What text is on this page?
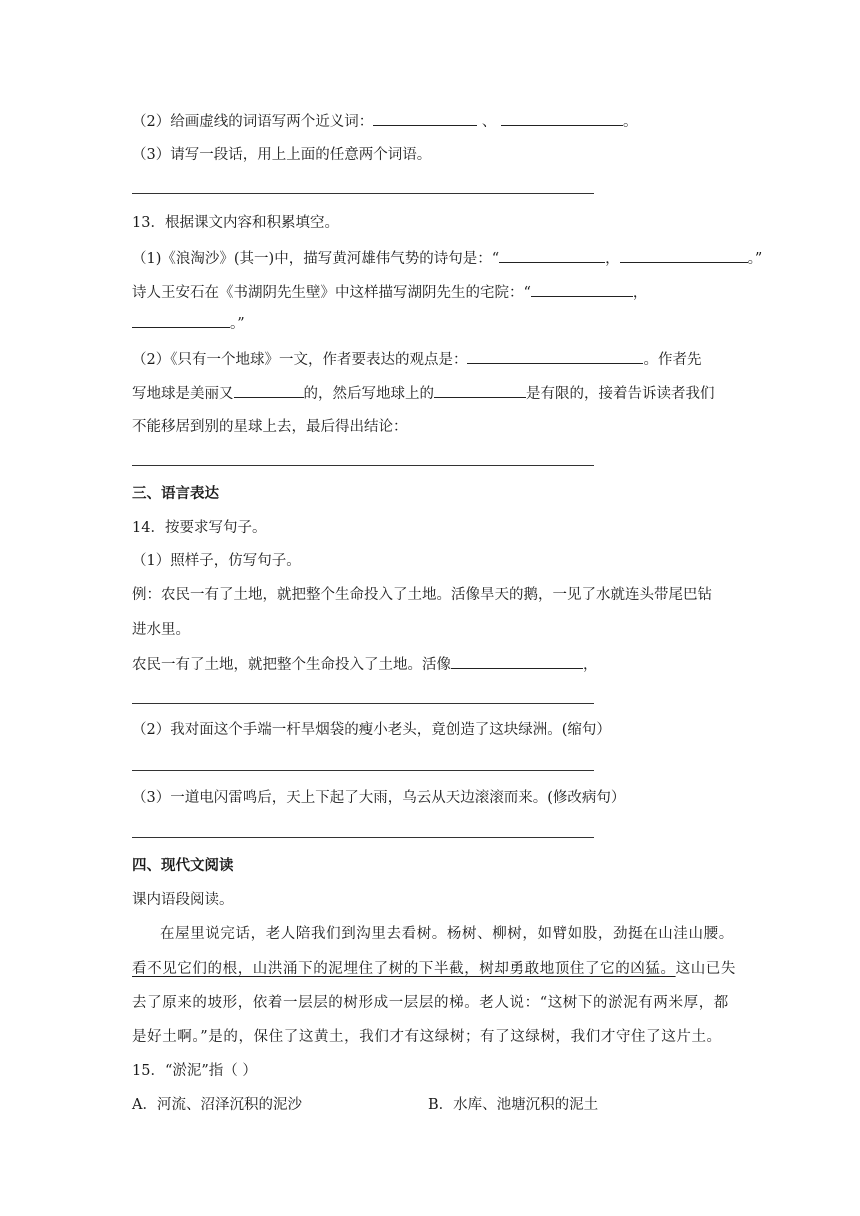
（2）给画虚线的词语写两个近义词：	、	。
（3）请写一段话，用上上面的任意两个词语。
13．根据课文内容和积累填空。
（1)《浪淘沙》(其一)中，描写黄河雄伟气势的诗句是：“	，	。”
诗人王安石在《书湖阴先生壁》中这样描写湖阴先生的宅院：“	，
。”
（2）《只有一个地球》一文，作者要表达的观点是：	。作者先
写地球是美丽又	的，然后写地球上的	是有限的，接着告诉读者我们
不能移居到别的星球上去，最后得出结论：
三、语言表达
14．按要求写句子。
（1）照样子，仿写句子。
例：农民一有了土地，就把整个生命投入了土地。活像旱天的鹅，一见了水就连头带尾巴钻
进水里。
农民一有了土地，就把整个生命投入了土地。活像	，
（2）我对面这个手端一杆旱烟袋的瘦小老头，竟创造了这块绿洲。(缩句）
（3）一道电闪雷鸣后，天上下起了大雨，乌云从天边滚滚而来。(修改病句）
四、现代文阅读
课内语段阅读。
在屋里说完话，老人陪我们到沟里去看树。杨树、柳树，如臂如股，劲挺在山洼山腰。
看不见它们的根，山洪涌下的泥埋住了树的下半截，树却勇敢地顶住了它的凶猛。这山已失
去了原来的坡形，依着一层层的树形成一层层的梯。老人说：“这树下的淤泥有两米厚，都
是好土啊。”是的，保住了这黄土，我们才有这绿树；有了这绿树，我们才守住了这片土。
15．“淤泥”指（ ）
A．河流、沼泽沉积的泥沙	B．水库、池塘沉积的泥土
